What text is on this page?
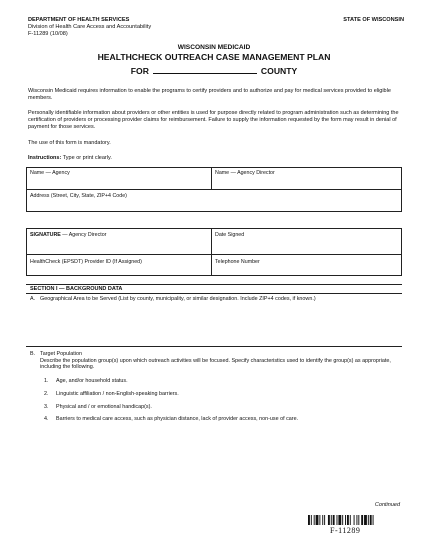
DEPARTMENT OF HEALTH SERVICES
Division of Health Care Access and Accountability
F-11289 (10/08)
STATE OF WISCONSIN
WISCONSIN MEDICAID
HEALTHCHECK OUTREACH CASE MANAGEMENT PLAN
FOR	COUNTY
Wisconsin Medicaid requires information to enable the programs to certify providers and to authorize and pay for medical services provided to eligible members.
Personally identifiable information about providers or other entities is used for purpose directly related to program administration such as determining the certification of providers or processing provider claims for reimbursement. Failure to supply the information requested by the form may result in denial of payment for those services.
The use of this form is mandatory.
Instructions: Type or print clearly.
Name — Agency	Name — Agency Director
Address (Street, City, State, ZIP+4 Code)
SIGNATURE — Agency Director	Date Signed
HealthCheck (EPSDT) Provider ID (If Assigned)	Telephone Number
SECTION I — BACKGROUND DATA
A. Geographical Area to be Served (List by county, municipality, or similar designation. Include ZIP+4 codes, if known.)
B. Target Population
Describe the population group(s) upon which outreach activities will be focused. Specify characteristics used to identify the group(s) as appropriate, including the following.
1. Age, and/or household status.
2. Linguistic affiliation / non-English-speaking barriers.
3. Physical and / or emotional handicap(s).
4. Barriers to medical care access, such as physician distance, lack of provider access, non-use of care.
Continued
F-11289
